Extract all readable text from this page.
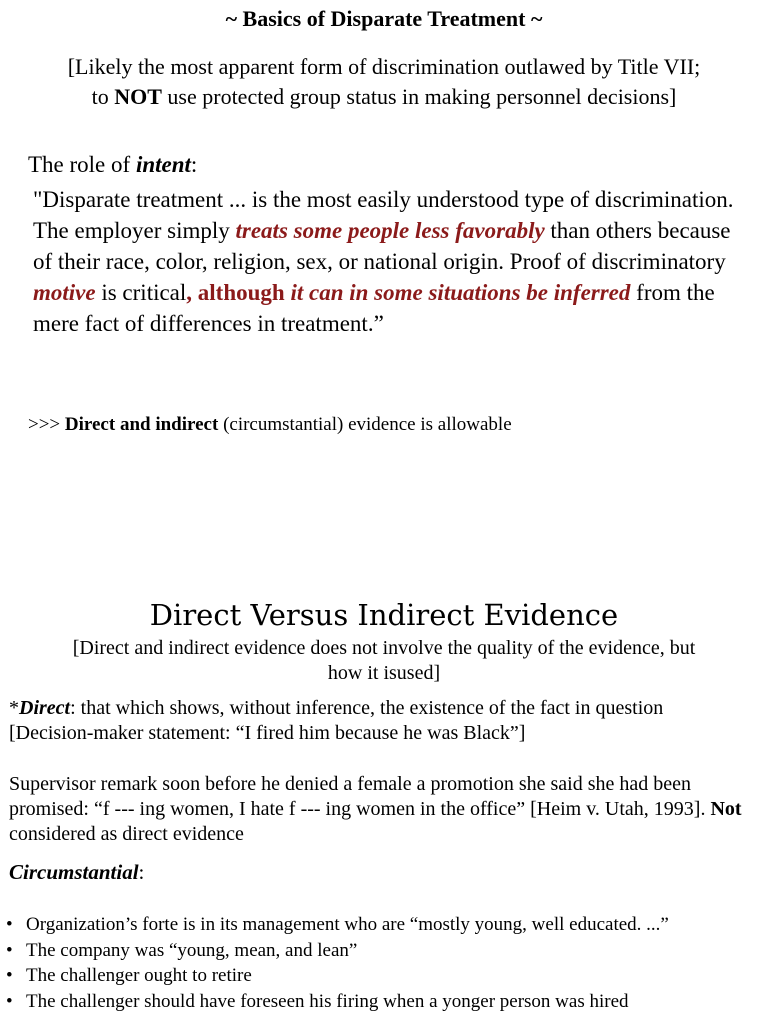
~ Basics of Disparate Treatment ~
[Likely the most apparent form of discrimination outlawed by Title VII;
to NOT use protected group status in making personnel decisions]
The role of intent:
"Disparate treatment ... is the most easily understood type of discrimination. The employer simply treats some people less favorably than others because of their race, color, religion, sex, or national origin. Proof of discriminatory motive is critical, although it can in some situations be inferred from the mere fact of differences in treatment.”
>>> Direct and indirect (circumstantial) evidence is allowable
Direct Versus Indirect Evidence
[Direct and indirect evidence does not involve the quality of the evidence, but how it isused]
*Direct: that which shows, without inference, the existence of the fact in question [Decision-maker statement: “I fired him because he was Black”]
Supervisor remark soon before he denied a female a promotion she said she had been promised: “f --- ing women, I hate f --- ing women in the office” [Heim v. Utah, 1993]. Not considered as direct evidence
Circumstantial:
• Organization’s forte is in its management who are “mostly young, well educated. ...”
• The company was “young, mean, and lean”
• The challenger ought to retire
• The challenger should have foreseen his firing when a yonger person was hired
